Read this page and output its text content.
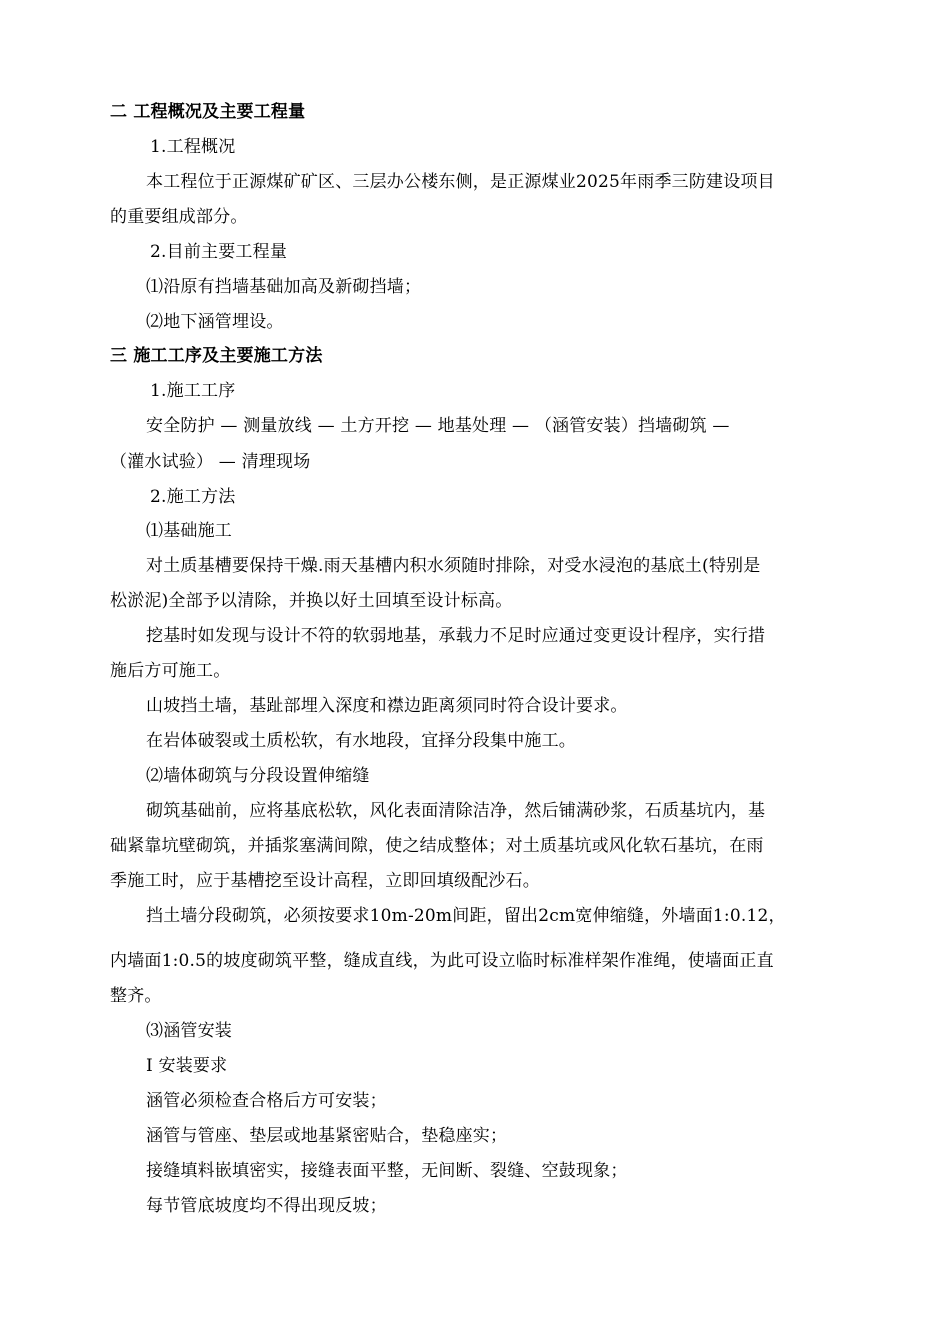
二 工程概况及主要工程量
1.工程概况
本工程位于正源煤矿矿区、三层办公楼东侧，是正源煤业2025年雨季三防建设项目
的重要组成部分。
2.目前主要工程量
⑴沿原有挡墙基础加高及新砌挡墙；
⑵地下涵管埋设。
三 施工工序及主要施工方法
1.施工工序
安全防护 — 测量放线 — 土方开挖 — 地基处理 — （涵管安装）挡墙砌筑 —
（灌水试验） — 清理现场
2.施工方法
⑴基础施工
对土质基槽要保持干燥.雨天基槽内积水须随时排除，对受水浸泡的基底土(特别是
松淤泥)全部予以清除，并换以好土回填至设计标高。
挖基时如发现与设计不符的软弱地基，承载力不足时应通过变更设计程序，实行措
施后方可施工。
山坡挡土墙，基趾部埋入深度和襟边距离须同时符合设计要求。
在岩体破裂或土质松软，有水地段，宜择分段集中施工。
⑵墙体砌筑与分段设置伸缩缝
砌筑基础前，应将基底松软，风化表面清除洁净，然后铺满砂浆，石质基坑内，基
础紧靠坑壁砌筑，并插浆塞满间隙，使之结成整体；对土质基坑或风化软石基坑，在雨
季施工时，应于基槽挖至设计高程，立即回填级配沙石。
挡土墙分段砌筑，必须按要求10m-20m间距，留出2cm宽伸缩缝，外墙面1:0.12，
内墙面1:0.5的坡度砌筑平整，缝成直线，为此可设立临时标准样架作准绳，使墙面正直
整齐。
⑶涵管安装
Ⅰ 安装要求
涵管必须检查合格后方可安装；
涵管与管座、垫层或地基紧密贴合，垫稳座实；
接缝填料嵌填密实，接缝表面平整，无间断、裂缝、空鼓现象；
每节管底坡度均不得出现反坡；
